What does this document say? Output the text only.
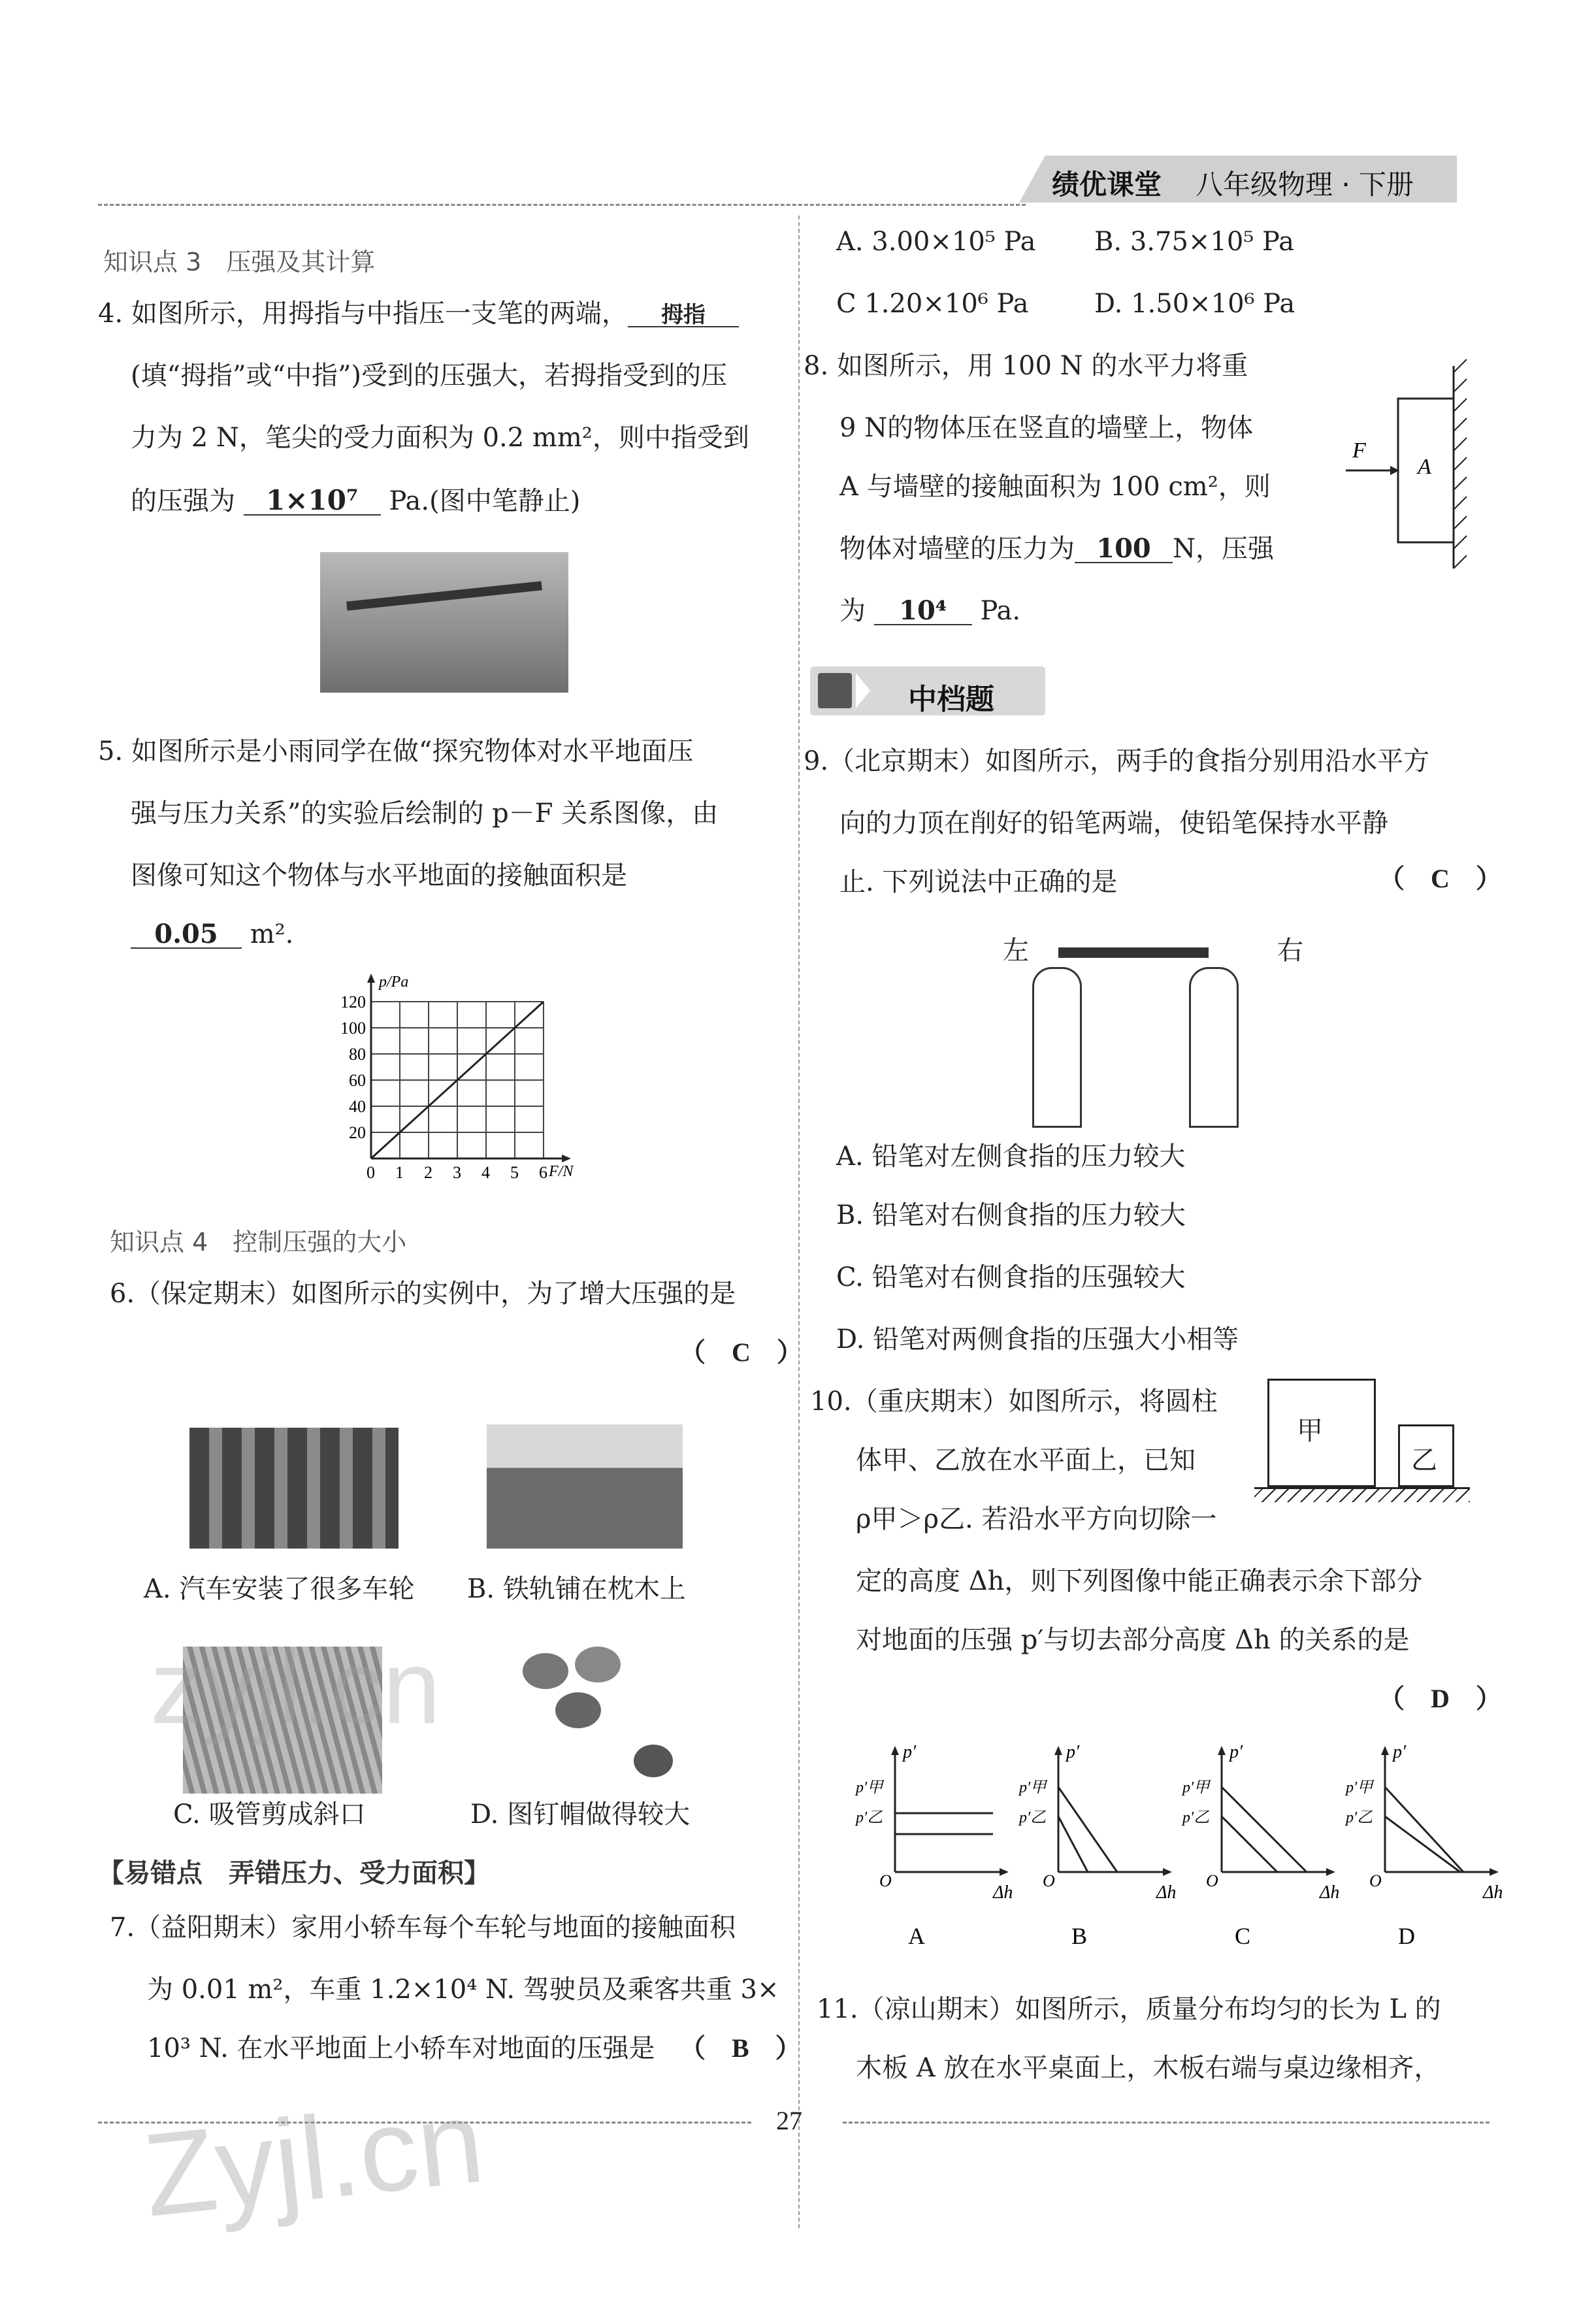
绩优课堂 八年级物理 · 下册
知识点 3　压强及其计算
4. 如图所示，用拇指与中指压一支笔的两端， 拇指
(填“拇指”或“中指”)受到的压强大，若拇指受到的压
力为 2 N，笔尖的受力面积为 0.2 mm²，则中指受到
的压强为 1×10⁷ Pa.(图中笔静止)
5. 如图所示是小雨同学在做“探究物体对水平地面压
强与压力关系”的实验后绘制的 p－F 关系图像，由
图像可知这个物体与水平地面的接触面积是
0.05 m².
0 1 2 3 4 5 6
20
40
60
80
100
120
p/Pa
F/N
知识点 4　控制压强的大小
6.（保定期末）如图所示的实例中，为了增大压强的是
（　C　）
A. 汽车安装了很多车轮 B. 铁轨铺在枕木上
C. 吸管剪成斜口	D. 图钉帽做得较大
【易错点　弄错压力、受力面积】
7.（益阳期末）家用小轿车每个车轮与地面的接触面积
为 0.01 m²，车重 1.2×10⁴ N. 驾驶员及乘客共重 3×
10³ N. 在水平地面上小轿车对地面的压强是 （　B　）
A. 3.00×10⁵ Pa B. 3.75×10⁵ Pa
C 1.20×10⁶ Pa	D. 1.50×10⁶ Pa
8. 如图所示，用 100 N 的水平力将重
9 N的物体压在竖直的墙壁上，物体
A 与墙壁的接触面积为 100 cm²，则
物体对墙壁的压力为 100 N，压强
为 10⁴ Pa.
F
A
中档题
9.（北京期末）如图所示，两手的食指分别用沿水平方
向的力顶在削好的铅笔两端，使铅笔保持水平静
止. 下列说法中正确的是	（　C　）
左	右
A. 铅笔对左侧食指的压力较大
B. 铅笔对右侧食指的压力较大
C. 铅笔对右侧食指的压强较大
D. 铅笔对两侧食指的压强大小相等
10.（重庆期末）如图所示，将圆柱
体甲、乙放在水平面上，已知
ρ甲＞ρ乙. 若沿水平方向切除一
定的高度 Δh，则下列图像中能正确表示余下部分
对地面的压强 p′与切去部分高度 Δh 的关系的是
（　D　）
甲
乙
p′
p′甲
p′乙
O
Δh
A
p′
p′甲
p′乙
O
Δh
B
p′
p′甲
p′乙
O
Δh
C
p′
p′甲
p′乙
O
Δh
D
11.（凉山期末）如图所示，质量分布均匀的长为 L 的
木板 A 放在水平桌面上，木板右端与桌边缘相齐，
27
zyjl.cn
Zyjl.cn
